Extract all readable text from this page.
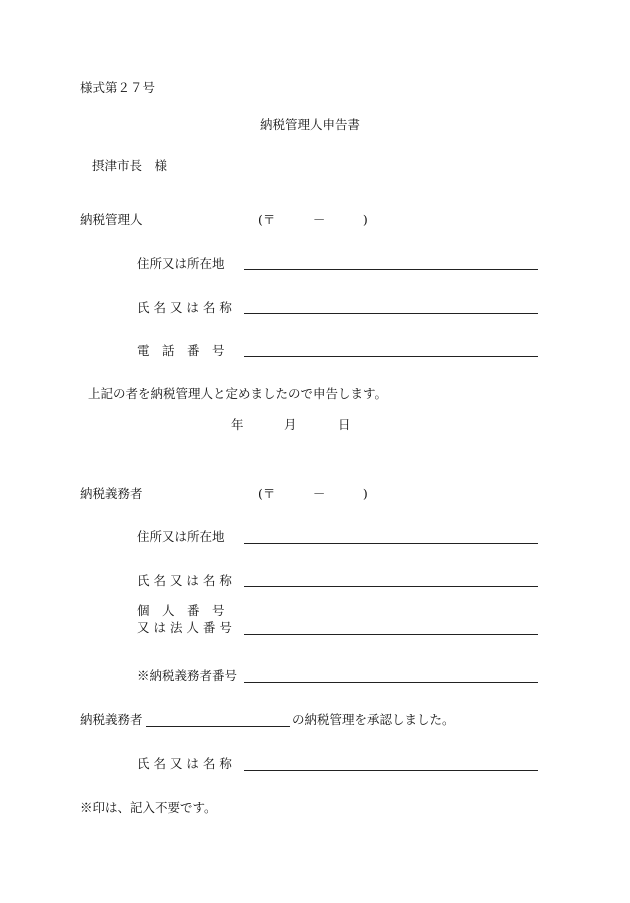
様式第２７号
納税管理人申告書
摂津市長　様
納税管理人	(〒　　　－　　　)
住所又は所在地
氏 名 又 は 名 称
電　話　番　号
上記の者を納税管理人と定めましたので申告します。
年	月	日
納税義務者	(〒　　　－　　　)
住所又は所在地
氏 名 又 は 名 称
個　人　番　号
又 は 法 人 番 号
※納税義務者番号
納税義務者	の納税管理を承認しました。
氏 名 又 は 名 称
※印は、記入不要です。
